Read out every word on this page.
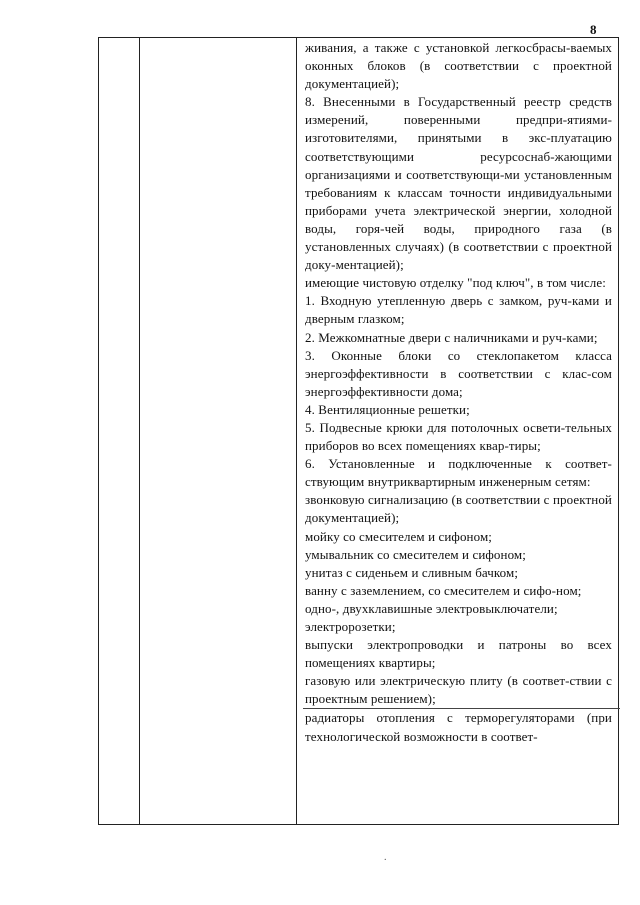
8

живания, а также с установкой легкосбрасы-ваемых оконных блоков (в соответствии с проектной документацией);

8. Внесенными в Государственный реестр средств измерений, поверенными предпри-ятиями-изготовителями, принятыми в экс-плуатацию соответствующими ресурсоснаб-жающими организациями и соответствующи-ми установленным требованиям к классам точности индивидуальными приборами учета электрической энергии, холодной воды, горя-чей воды, природного газа (в установленных случаях) (в соответствии с проектной доку-ментацией);

имеющие чистовую отделку "под ключ", в том числе:

1. Входную утепленную дверь с замком, руч-ками и дверным глазком;

2. Межкомнатные двери с наличниками и руч-ками;

3. Оконные блоки со стеклопакетом класса энергоэффективности в соответствии с клас-сом энергоэффективности дома;

4. Вентиляционные решетки;

5. Подвесные крюки для потолочных освети-тельных приборов во всех помещениях квар-тиры;

6. Установленные и подключенные к соответ-ствующим внутриквартирным инженерным сетям:

звонковую сигнализацию (в соответствии с проектной документацией);

мойку со смесителем и сифоном;

умывальник со смесителем и сифоном;

унитаз с сиденьем и сливным бачком;

ванну с заземлением, со смесителем и сифо-ном;

одно-, двухклавишные электровыключатели;

электророзетки;

выпуски электропроводки и патроны во всех помещениях квартиры;

газовую или электрическую плиту (в соответ-ствии с проектным решением);

радиаторы отопления с терморегуляторами (при технологической возможности в соответ-

.
